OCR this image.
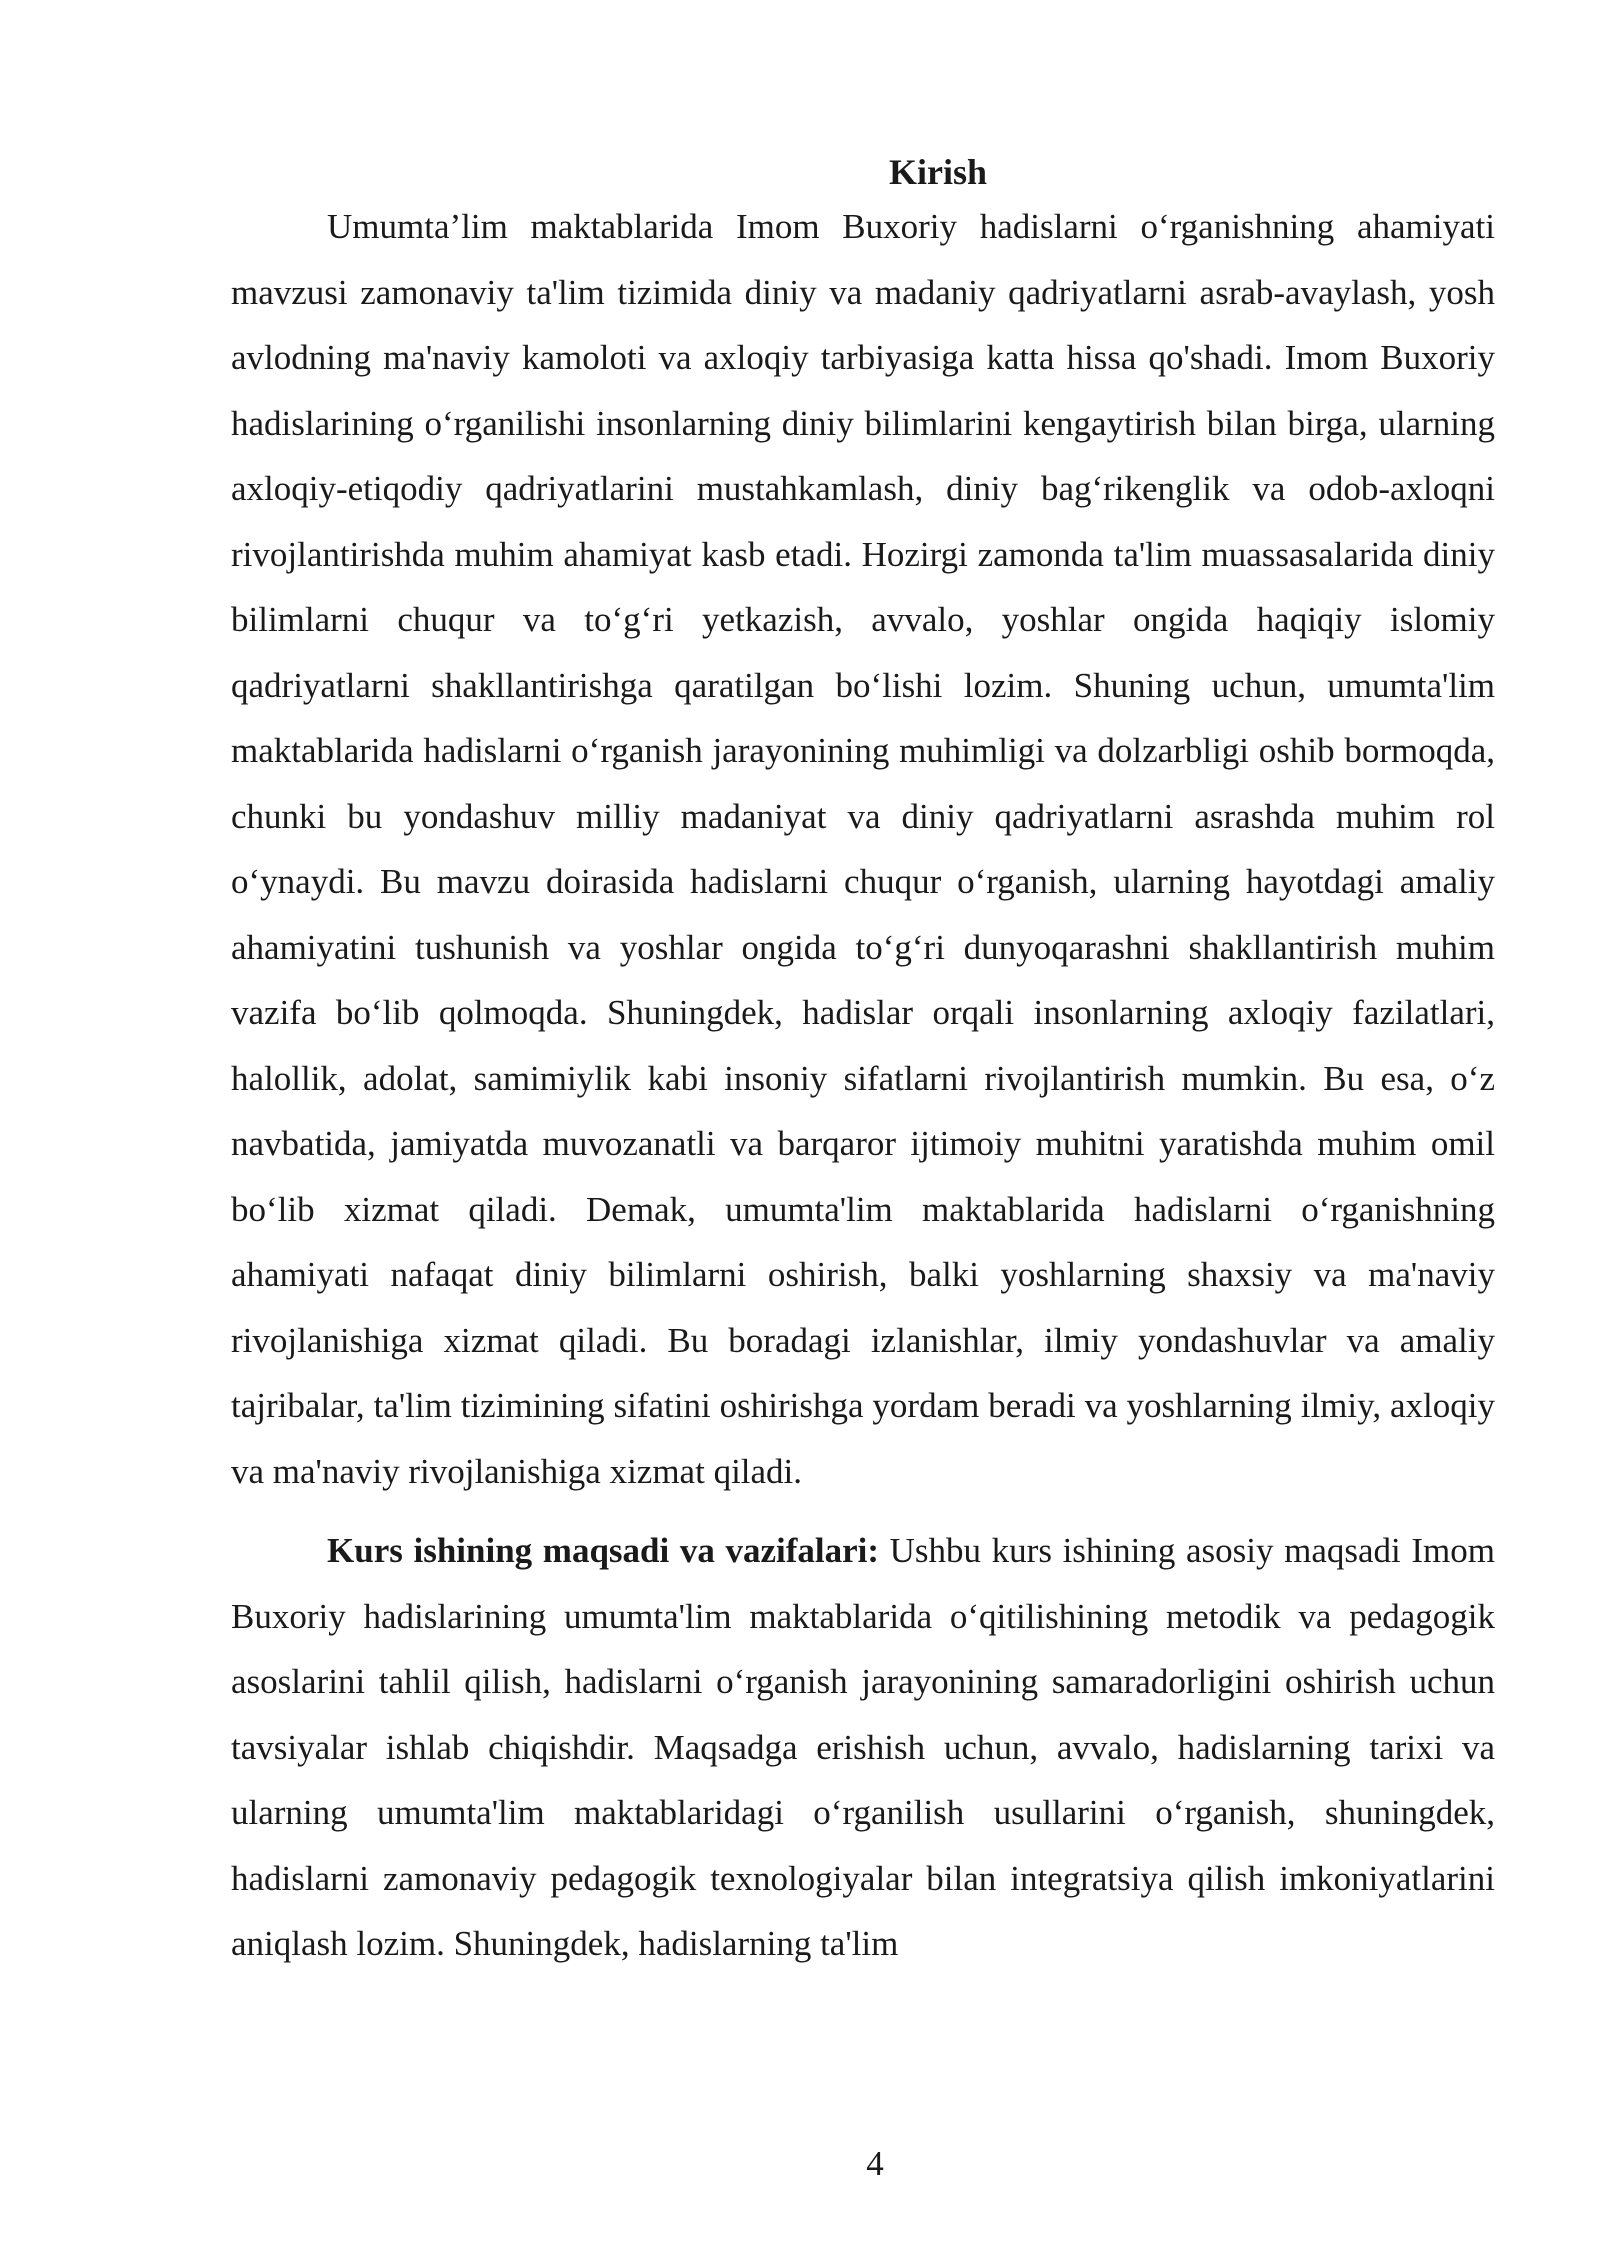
Kirish

Umumta’lim maktablarida Imom Buxoriy hadislarni o‘rganishning ahamiyati mavzusi zamonaviy ta'lim tizimida diniy va madaniy qadriyatlarni asrab-avaylash, yosh avlodning ma'naviy kamoloti va axloqiy tarbiyasiga katta hissa qo'shadi. Imom Buxoriy hadislarining o‘rganilishi insonlarning diniy bilimlarini kengaytirish bilan birga, ularning axloqiy-etiqodiy qadriyatlarini mustahkamlash, diniy bag‘rikenglik va odob-axloqni rivojlantirishda muhim ahamiyat kasb etadi. Hozirgi zamonda ta'lim muassasalarida diniy bilimlarni chuqur va to‘g‘ri yetkazish, avvalo, yoshlar ongida haqiqiy islomiy qadriyatlarni shakllantirishga qaratilgan bo‘lishi lozim. Shuning uchun, umumta'lim maktablarida hadislarni o‘rganish jarayonining muhimligi va dolzarbligi oshib bormoqda, chunki bu yondashuv milliy madaniyat va diniy qadriyatlarni asrashda muhim rol o‘ynaydi. Bu mavzu doirasida hadislarni chuqur o‘rganish, ularning hayotdagi amaliy ahamiyatini tushunish va yoshlar ongida to‘g‘ri dunyoqarashni shakllantirish muhim vazifa bo‘lib qolmoqda. Shuningdek, hadislar orqali insonlarning axloqiy fazilatlari, halollik, adolat, samimiylik kabi insoniy sifatlarni rivojlantirish mumkin. Bu esa, o‘z navbatida, jamiyatda muvozanatli va barqaror ijtimoiy muhitni yaratishda muhim omil bo‘lib xizmat qiladi. Demak, umumta'lim maktablarida hadislarni o‘rganishning ahamiyati nafaqat diniy bilimlarni oshirish, balki yoshlarning shaxsiy va ma'naviy rivojlanishiga xizmat qiladi. Bu boradagi izlanishlar, ilmiy yondashuvlar va amaliy tajribalar, ta'lim tizimining sifatini oshirishga yordam beradi va yoshlarning ilmiy, axloqiy va ma'naviy rivojlanishiga xizmat qiladi.

Kurs ishining maqsadi va vazifalari: Ushbu kurs ishining asosiy maqsadi Imom Buxoriy hadislarining umumta'lim maktablarida o‘qitilishining metodik va pedagogik asoslarini tahlil qilish, hadislarni o‘rganish jarayonining samaradorligini oshirish uchun tavsiyalar ishlab chiqishdir. Maqsadga erishish uchun, avvalo, hadislarning tarixi va ularning umumta'lim maktablaridagi o‘rganilish usullarini o‘rganish, shuningdek, hadislarni zamonaviy pedagogik texnologiyalar bilan integratsiya qilish imkoniyatlarini aniqlash lozim. Shuningdek, hadislarning ta'lim

4
